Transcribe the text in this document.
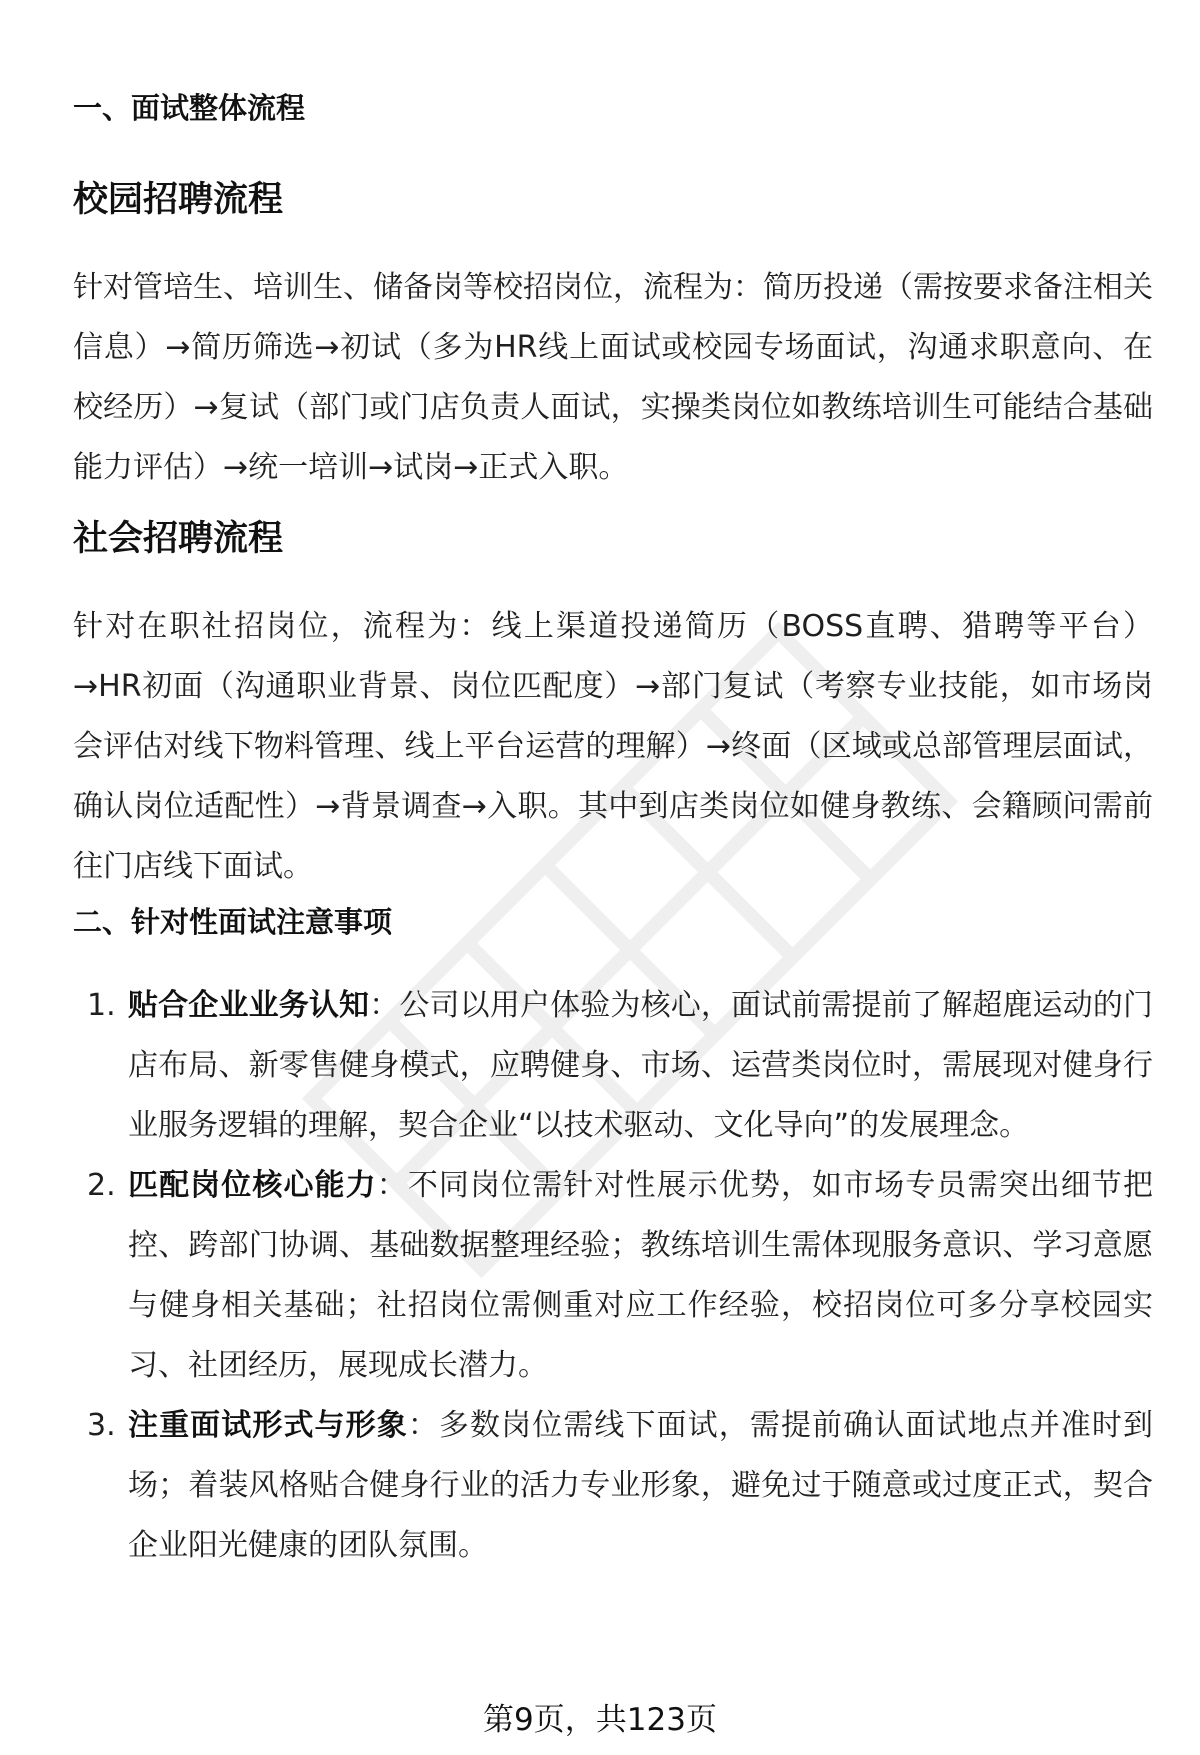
一、面试整体流程
校园招聘流程

针对管培生、培训生、储备岗等校招岗位，流程为：简历投递（需按要求备注相关信息）→简历筛选→初试（多为HR线上面试或校园专场面试，沟通求职意向、在校经历）→复试（部门或门店负责人面试，实操类岗位如教练培训生可能结合基础能力评估）→统一培训→试岗→正式入职。

社会招聘流程

针对在职社招岗位，流程为：线上渠道投递简历（BOSS直聘、猎聘等平台）→HR初面（沟通职业背景、岗位匹配度）→部门复试（考察专业技能，如市场岗会评估对线下物料管理、线上平台运营的理解）→终面（区域或总部管理层面试，确认岗位适配性）→背景调查→入职。其中到店类岗位如健身教练、会籍顾问需前往门店线下面试。

二、针对性面试注意事项
1. 贴合企业业务认知：公司以用户体验为核心，面试前需提前了解超鹿运动的门店布局、新零售健身模式，应聘健身、市场、运营类岗位时，需展现对健身行业服务逻辑的理解，契合企业“以技术驱动、文化导向”的发展理念。
2. 匹配岗位核心能力：不同岗位需针对性展示优势，如市场专员需突出细节把控、跨部门协调、基础数据整理经验；教练培训生需体现服务意识、学习意愿与健身相关基础；社招岗位需侧重对应工作经验，校招岗位可多分享校园实习、社团经历，展现成长潜力。
3. 注重面试形式与形象：多数岗位需线下面试，需提前确认面试地点并准时到场；着装风格贴合健身行业的活力专业形象，避免过于随意或过度正式，契合企业阳光健康的团队氛围。
第9页，共123页
